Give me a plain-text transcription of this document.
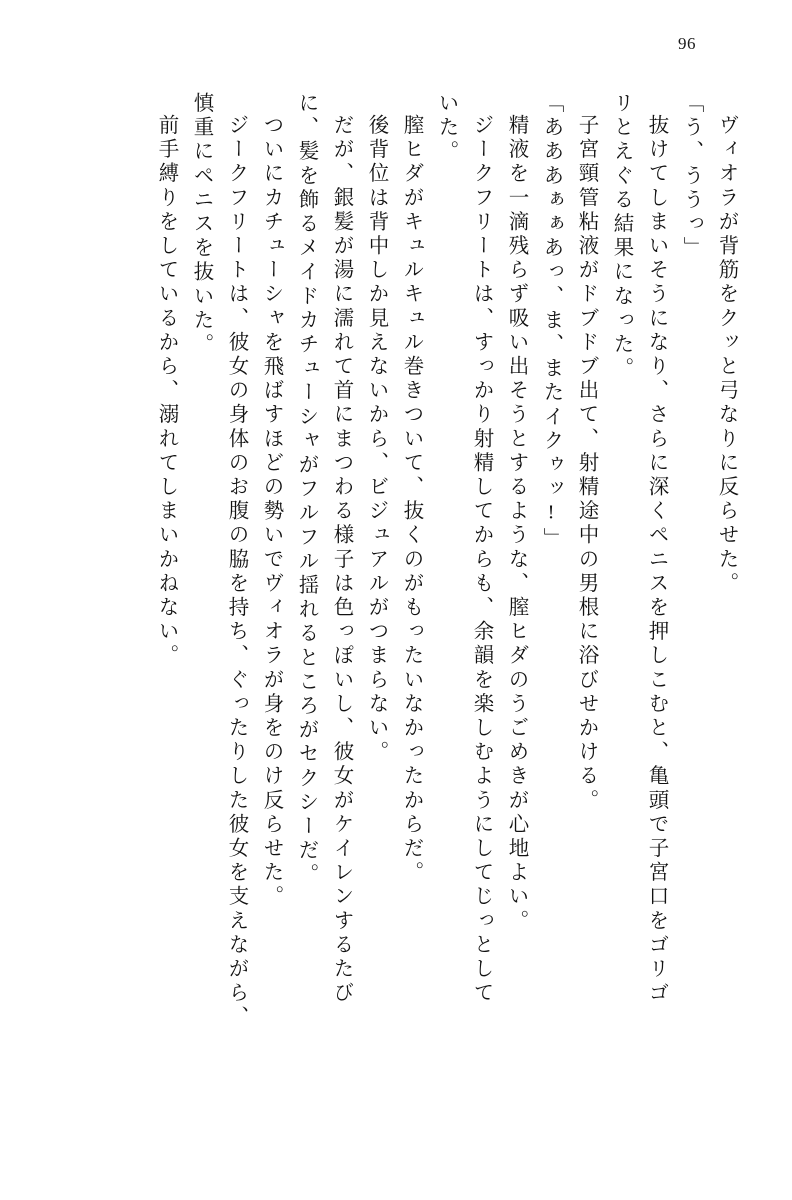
96
ヴィオラが背筋をクッと弓なりに反らせた。
「う、ううっ」
抜けてしまいそうになり、さらに深くペニスを押しこむと、亀頭で子宮口をゴリゴ
リとえぐる結果になった。
子宮頸管粘液がドブドブ出て、射精途中の男根に浴びせかける。
「あああぁぁあっ、ま、またイクゥッ!」
精液を一滴残らず吸い出そうとするような、膣ヒダのうごめきが心地よい。
ジークフリートは、すっかり射精してからも、余韻を楽しむようにしてじっとして
いた。
膣ヒダがキュルキュル巻きついて、抜くのがもったいなかったからだ。
後背位は背中しか見えないから、ビジュアルがつまらない。
だが、銀髪が湯に濡れて首にまつわる様子は色っぽいし、彼女がケイレンするたび
に、髪を飾るメイドカチューシャがフルフル揺れるところがセクシーだ。
ついにカチューシャを飛ばすほどの勢いでヴィオラが身をのけ反らせた。
ジークフリートは、彼女の身体のお腹の脇を持ち、ぐったりした彼女を支えながら、
慎重にペニスを抜いた。
前手縛りをしているから、溺れてしまいかねない。
